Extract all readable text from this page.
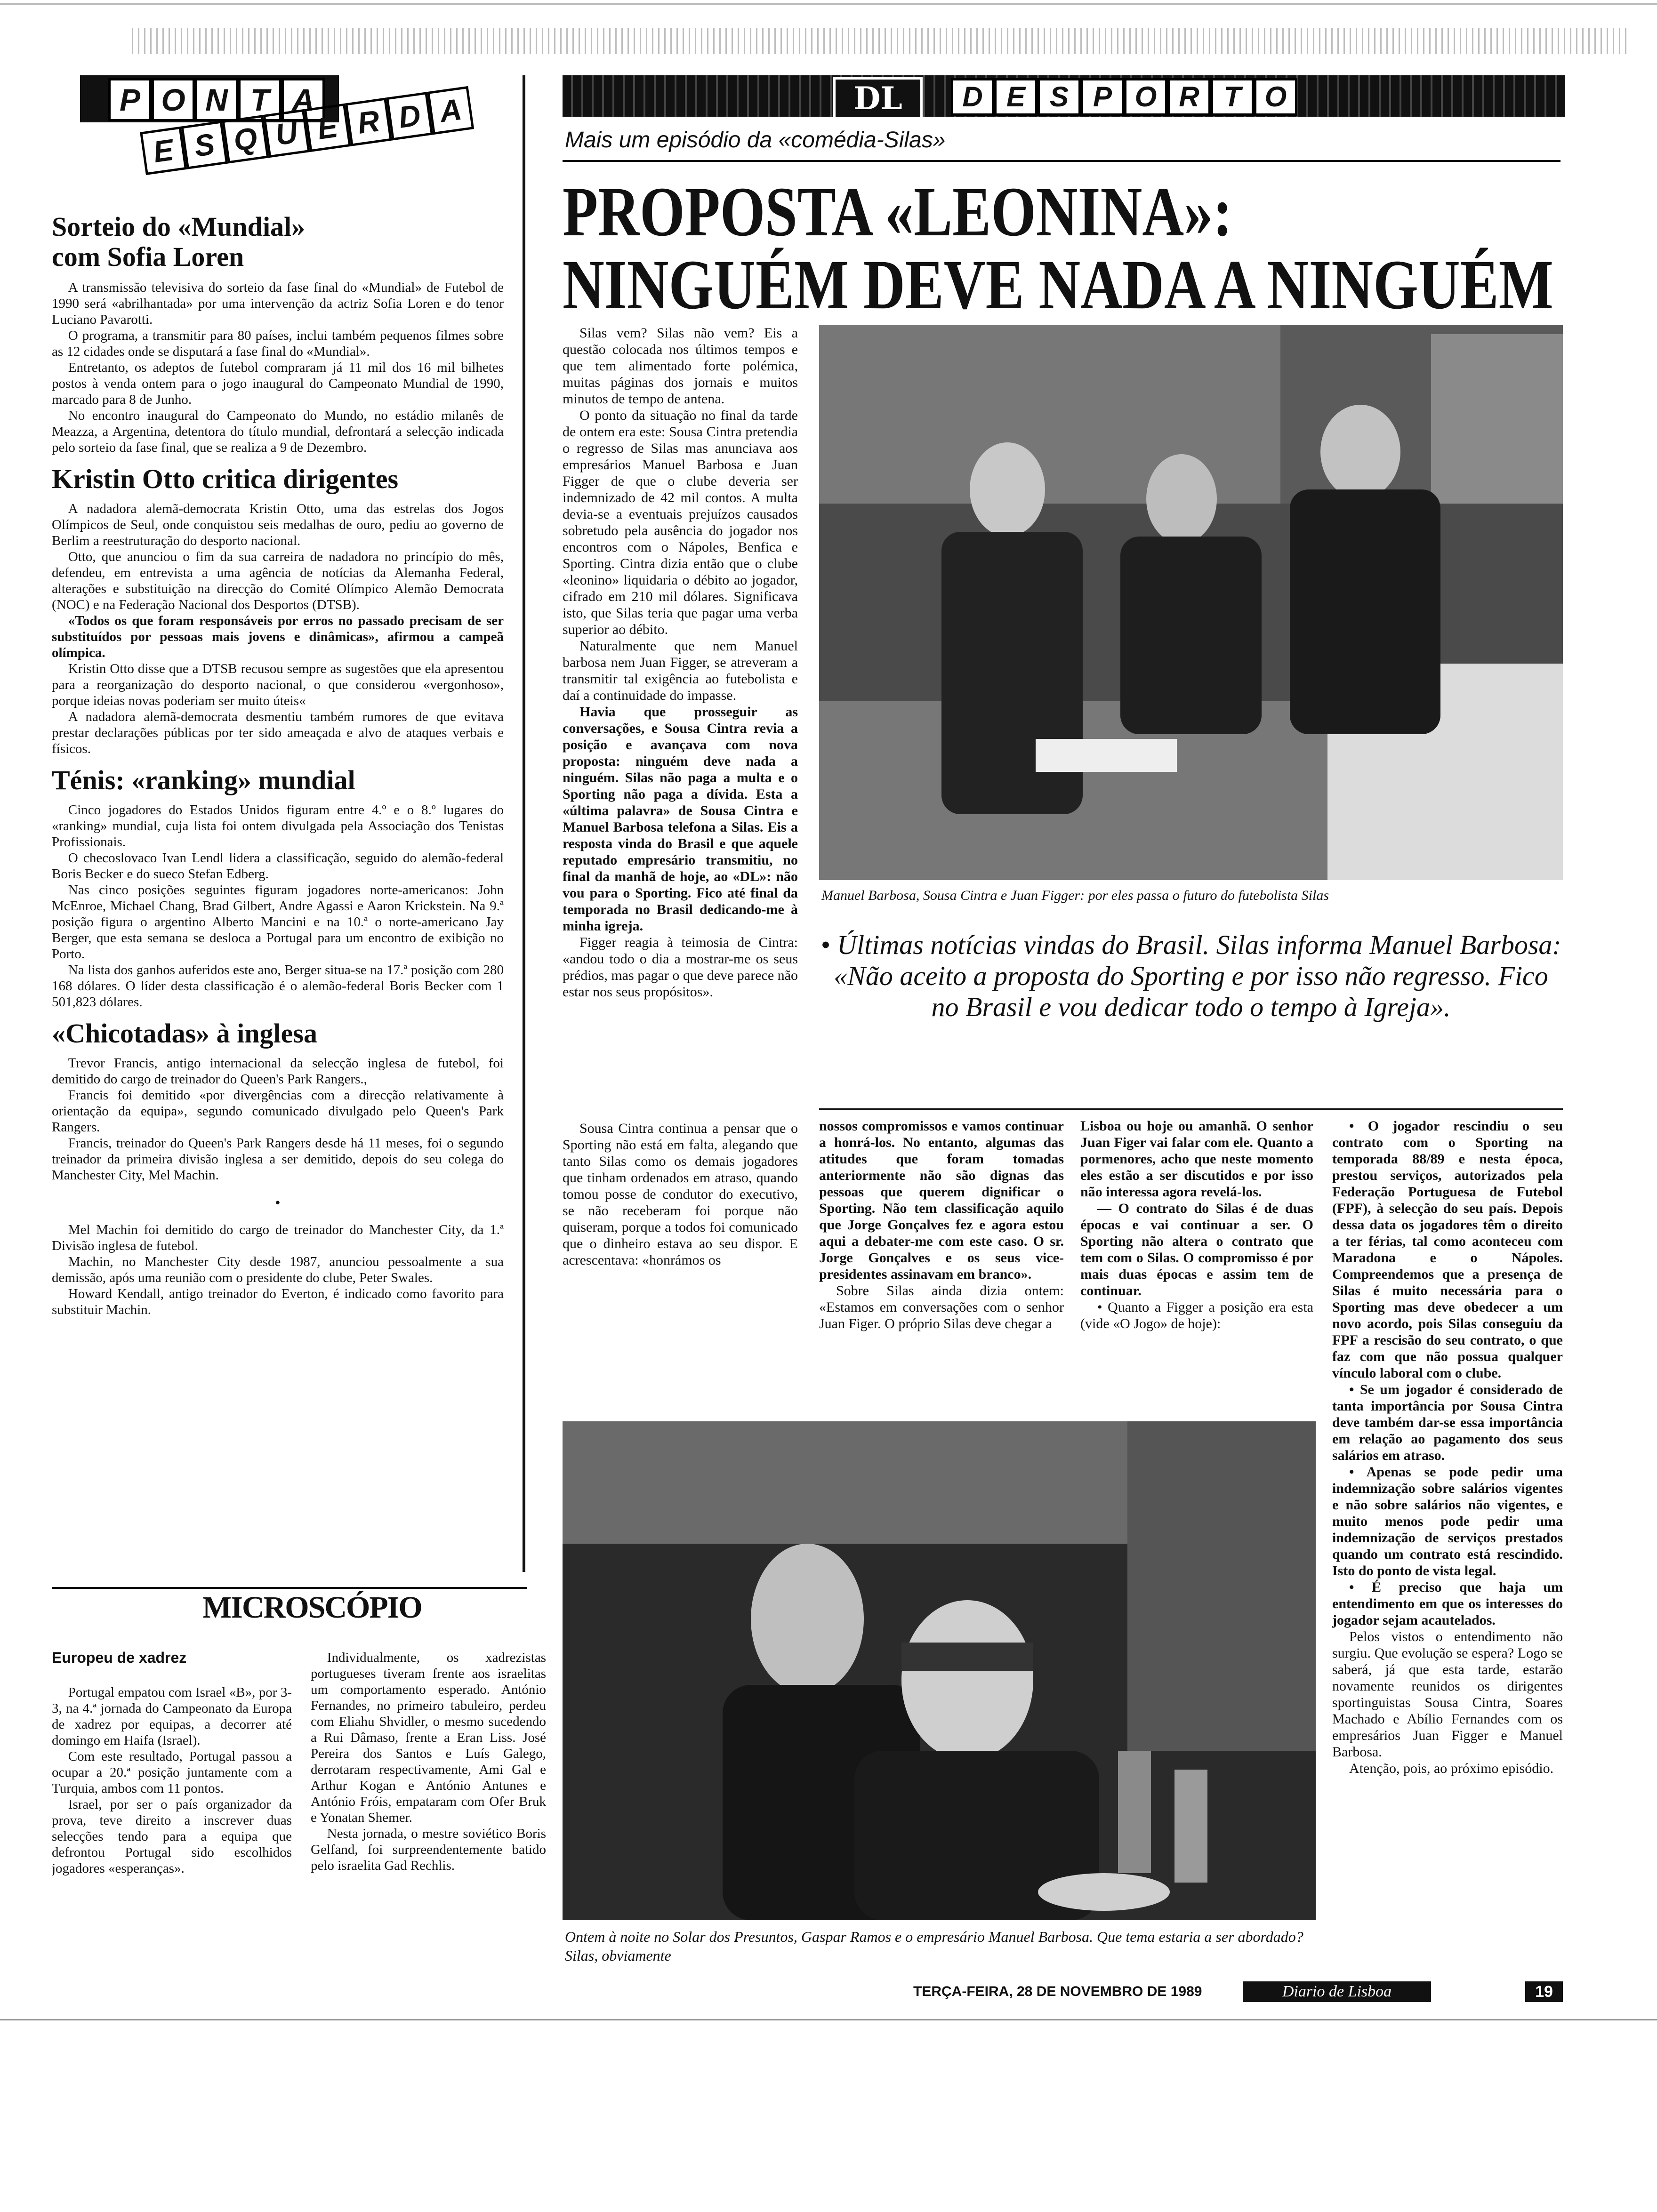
P O N T A
E S Q U E R D A
Sorteio do «Mundial» com Sofia Loren

A transmissão televisiva do sorteio da fase final do «Mundial» de Futebol de 1990 será «abrilhantada» por uma intervenção da actriz Sofia Loren e do tenor Luciano Pavarotti.

O programa, a transmitir para 80 países, inclui também pequenos filmes sobre as 12 cidades onde se disputará a fase final do «Mundial».

Entretanto, os adeptos de futebol compraram já 11 mil dos 16 mil bilhetes postos à venda ontem para o jogo inaugural do Campeonato Mundial de 1990, marcado para 8 de Junho.

No encontro inaugural do Campeonato do Mundo, no estádio milanês de Meazza, a Argentina, detentora do título mundial, defrontará a selecção indicada pelo sorteio da fase final, que se realiza a 9 de Dezembro.

Kristin Otto critica dirigentes

A nadadora alemã-democrata Kristin Otto, uma das estrelas dos Jogos Olímpicos de Seul, onde conquistou seis medalhas de ouro, pediu ao governo de Berlim a reestruturação do desporto nacional.

Otto, que anunciou o fim da sua carreira de nadadora no princípio do mês, defendeu, em entrevista a uma agência de notícias da Alemanha Federal, alterações e substituição na direcção do Comité Olímpico Alemão Democrata (NOC) e na Federação Nacional dos Desportos (DTSB).

«Todos os que foram responsáveis por erros no passado precisam de ser substituídos por pessoas mais jovens e dinâmicas», afirmou a campeã olímpica.

Kristin Otto disse que a DTSB recusou sempre as sugestões que ela apresentou para a reorganização do desporto nacional, o que considerou «vergonhoso», porque ideias novas poderiam ser muito úteis«

A nadadora alemã-democrata desmentiu também rumores de que evitava prestar declarações públicas por ter sido ameaçada e alvo de ataques verbais e físicos.

Ténis: «ranking» mundial

Cinco jogadores do Estados Unidos figuram entre 4.º e o 8.º lugares do «ranking» mundial, cuja lista foi ontem divulgada pela Associação dos Tenistas Profissionais.

O checoslovaco Ivan Lendl lidera a classificação, seguido do alemão-federal Boris Becker e do sueco Stefan Edberg.

Nas cinco posições seguintes figuram jogadores norte-americanos: John McEnroe, Michael Chang, Brad Gilbert, Andre Agassi e Aaron Krickstein. Na 9.ª posição figura o argentino Alberto Mancini e na 10.ª o norte-americano Jay Berger, que esta semana se desloca a Portugal para um encontro de exibição no Porto.

Na lista dos ganhos auferidos este ano, Berger situa-se na 17.ª posição com 280 168 dólares. O líder desta classificação é o alemão-federal Boris Becker com 1 501,823 dólares.

«Chicotadas» à inglesa

Trevor Francis, antigo internacional da selecção inglesa de futebol, foi demitido do cargo de treinador do Queen's Park Rangers.,

Francis foi demitido «por divergências com a direcção relativamente à orientação da equipa», segundo comunicado divulgado pelo Queen's Park Rangers.

Francis, treinador do Queen's Park Rangers desde há 11 meses, foi o segundo treinador da primeira divisão inglesa a ser demitido, depois do seu colega do Manchester City, Mel Machin.

•

Mel Machin foi demitido do cargo de treinador do Manchester City, da 1.ª Divisão inglesa de futebol.

Machin, no Manchester City desde 1987, anunciou pessoalmente a sua demissão, após uma reunião com o presidente do clube, Peter Swales.

Howard Kendall, antigo treinador do Everton, é indicado como favorito para substituir Machin.

MICROSCÓPIO
Europeu de xadrez

Portugal empatou com Israel «B», por 3-3, na 4.ª jornada do Campeonato da Europa de xadrez por equipas, a decorrer até domingo em Haifa (Israel).

Com este resultado, Portugal passou a ocupar a 20.ª posição juntamente com a Turquia, ambos com 11 pontos.

Israel, por ser o país organizador da prova, teve direito a inscrever duas selecções tendo para a equipa que defrontou Portugal sido escolhidos jogadores «esperanças».

Individualmente, os xadrezistas portugueses tiveram frente aos israelitas um comportamento esperado. António Fernandes, no primeiro tabuleiro, perdeu com Eliahu Shvidler, o mesmo sucedendo a Rui Dâmaso, frente a Eran Liss. José Pereira dos Santos e Luís Galego, derrotaram respectivamente, Ami Gal e Arthur Kogan e António Antunes e António Fróis, empataram com Ofer Bruk e Yonatan Shemer.

Nesta jornada, o mestre soviético Boris Gelfand, foi surpreendentemente batido pelo israelita Gad Rechlis.

DL	D E S P O R T O
Mais um episódio da «comédia-Silas»
PROPOSTA «LEONINA»:
NINGUÉM DEVE NADA A NINGUÉM

Silas vem? Silas não vem? Eis a questão colocada nos últimos tempos e que tem alimentado forte polémica, muitas páginas dos jornais e muitos minutos de tempo de antena.

O ponto da situação no final da tarde de ontem era este: Sousa Cintra pretendia o regresso de Silas mas anunciava aos empresários Manuel Barbosa e Juan Figger de que o clube deveria ser indemnizado de 42 mil contos. A multa devia-se a eventuais prejuízos causados sobretudo pela ausência do jogador nos encontros com o Nápoles, Benfica e Sporting. Cintra dizia então que o clube «leonino» liquidaria o débito ao jogador, cifrado em 210 mil dólares. Significava isto, que Silas teria que pagar uma verba superior ao débito.

Naturalmente que nem Manuel barbosa nem Juan Figger, se atreveram a transmitir tal exigência ao futebolista e daí a continuidade do impasse.

Havia que prosseguir as conversações, e Sousa Cintra revia a posição e avançava com nova proposta: ninguém deve nada a ninguém. Silas não paga a multa e o Sporting não paga a dívida. Esta a «última palavra» de Sousa Cintra e Manuel Barbosa telefona a Silas. Eis a resposta vinda do Brasil e que aquele reputado empresário transmitiu, no final da manhã de hoje, ao «DL»: não vou para o Sporting. Fico até final da temporada no Brasil dedicando-me à minha igreja.

Figger reagia à teimosia de Cintra: «andou todo o dia a mostrar-me os seus prédios, mas pagar o que deve parece não estar nos seus propósitos».

Sousa Cintra continua a pensar que o Sporting não está em falta, alegando que tanto Silas como os demais jogadores que tinham ordenados em atraso, quando tomou posse de condutor do executivo, se não receberam foi porque não quiseram, porque a todos foi comunicado que o dinheiro estava ao seu dispor. E acrescentava: «honrámos os

Manuel Barbosa, Sousa Cintra e Juan Figger: por eles passa o futuro do futebolista Silas
• Últimas notícias vindas do Brasil. Silas informa Manuel Barbosa: «Não aceito a proposta do Sporting e por isso não regresso. Fico no Brasil e vou dedicar todo o tempo à Igreja».

nossos compromissos e vamos continuar a honrá-los. No entanto, algumas das atitudes que foram tomadas anteriormente não são dignas das pessoas que querem dignificar o Sporting. Não tem classificação aquilo que Jorge Gonçalves fez e agora estou aqui a debater-me com este caso. O sr. Jorge Gonçalves e os seus vice-presidentes assinavam em branco».

Sobre Silas ainda dizia ontem: «Estamos em conversações com o senhor Juan Figer. O próprio Silas deve chegar a

Lisboa ou hoje ou amanhã. O senhor Juan Figer vai falar com ele. Quanto a pormenores, acho que neste momento eles estão a ser discutidos e por isso não interessa agora revelá-los.

— O contrato do Silas é de duas épocas e vai continuar a ser. O Sporting não altera o contrato que tem com o Silas. O compromisso é por mais duas épocas e assim tem de continuar.

• Quanto a Figger a posição era esta (vide «O Jogo» de hoje):

• O jogador rescindiu o seu contrato com o Sporting na temporada 88/89 e nesta época, prestou serviços, autorizados pela Federação Portuguesa de Futebol (FPF), à selecção do seu país. Depois dessa data os jogadores têm o direito a ter férias, tal como aconteceu com Maradona e o Nápoles. Compreendemos que a presença de Silas é muito necessária para o Sporting mas deve obedecer a um novo acordo, pois Silas conseguiu da FPF a rescisão do seu contrato, o que faz com que não possua qualquer vínculo laboral com o clube.

• Se um jogador é considerado de tanta importância por Sousa Cintra deve também dar-se essa importância em relação ao pagamento dos seus salários em atraso.

• Apenas se pode pedir uma indemnização sobre salários vigentes e não sobre salários não vigentes, e muito menos pode pedir uma indemnização de serviços prestados quando um contrato está rescindido. Isto do ponto de vista legal.

• É preciso que haja um entendimento em que os interesses do jogador sejam acautelados.

Pelos vistos o entendimento não surgiu. Que evolução se espera? Logo se saberá, já que esta tarde, estarão novamente reunidos os dirigentes sportinguistas Sousa Cintra, Soares Machado e Abílio Fernandes com os empresários Juan Figger e Manuel Barbosa.

Atenção, pois, ao próximo episódio.

Ontem à noite no Solar dos Presuntos, Gaspar Ramos e o empresário Manuel Barbosa. Que tema estaria a ser abordado? Silas, obviamente
TERÇA-FEIRA, 28 DE NOVEMBRO DE 1989	Diario de Lisboa	19
